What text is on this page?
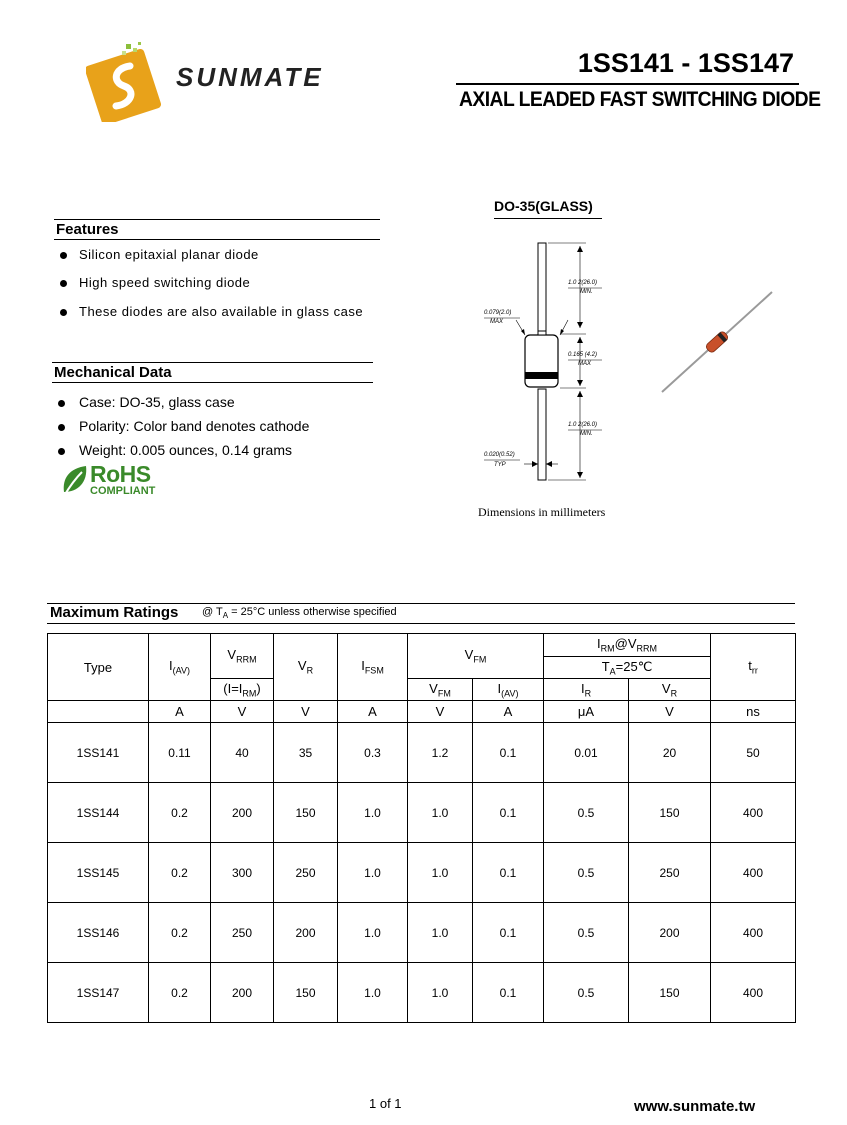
SUNMATE	1SS141 - 1SS147
AXIAL LEADED FAST SWITCHING DIODE
Features
Silicon epitaxial planar diode
High speed switching diode
These diodes are also available in glass case
Mechanical Data
Case: DO-35, glass case
Polarity: Color band denotes cathode
Weight: 0.005 ounces, 0.14 grams
RoHS
COMPLIANT
DO-35(GLASS)
1.0 2(26.0)
MIN.
0.079(2.0)
MAX
0.165 (4.2)
MAX
1.0 2(26.0)
MIN.
0.020(0.52)
TYP
Dimensions in millimeters
Maximum Ratings @ $T_A = 25^\circ C$ unless otherwise specified
Type	$I_{(AV)}$	$V_{RRM}$	$V_R$	$I_{FSM}$	$V_{FM}$		$I_{RM}@V_{RRM}$		$t_{rr}$
							$T_A=25℃$		
		$(I=I_{RM})$			$V_{FM}$	$I_{(AV)}$	$I_R$	$V_R$
	A	V	V	A	V	A	μA	V	ns
1SS141	0.11	40	35	0.3	1.2	0.1	0.01	20	50
1SS144	0.2	200	150	1.0	1.0	0.1	0.5	150	400
1SS145	0.2	300	250	1.0	1.0	0.1	0.5	250	400
1SS146	0.2	250	200	1.0	1.0	0.1	0.5	200	400
1SS147	0.2	200	150	1.0	1.0	0.1	0.5	150	400
1 of 1	www.sunmate.tw
